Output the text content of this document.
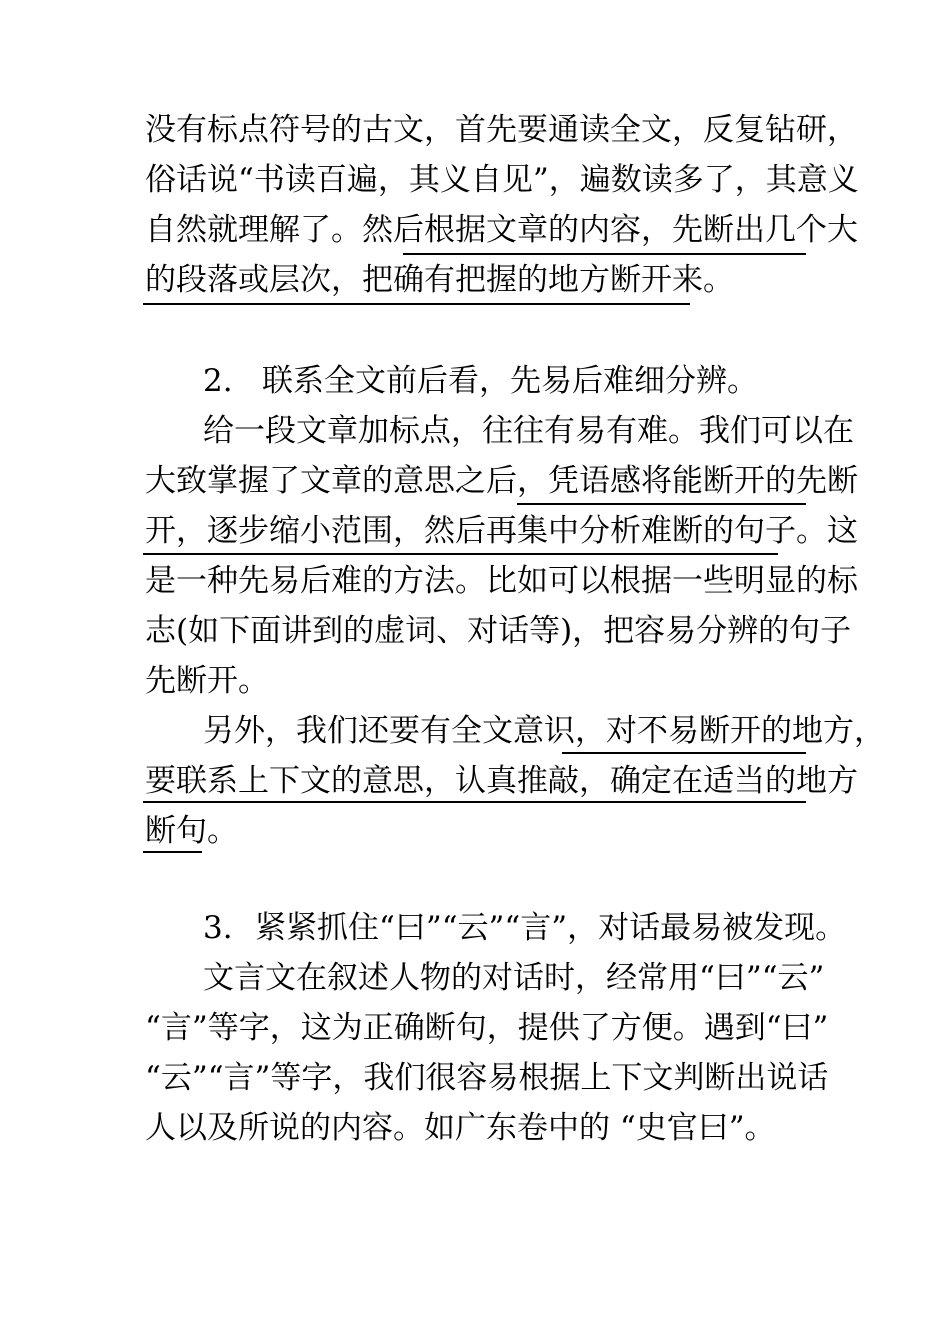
没有标点符号的古文，首先要通读全文，反复钻研，
俗话说“书读百遍，其义自见”，遍数读多了，其意义
自然就理解了。然后根据文章的内容，先断出几个大
的段落或层次，把确有把握的地方断开来。
2. 联系全文前后看，先易后难细分辨。
给一段文章加标点，往往有易有难。我们可以在
大致掌握了文章的意思之后，凭语感将能断开的先断
开，逐步缩小范围，然后再集中分析难断的句子。这
是一种先易后难的方法。比如可以根据一些明显的标
志(如下面讲到的虚词、对话等)，把容易分辨的句子
先断开。
另外，我们还要有全文意识，对不易断开的地方，
要联系上下文的意思，认真推敲，确定在适当的地方
断句。
3. 紧紧抓住“曰”“云”“言”，对话最易被发现。
文言文在叙述人物的对话时，经常用“曰”“云”
“言”等字，这为正确断句，提供了方便。遇到“曰”
“云”“言”等字，我们很容易根据上下文判断出说话
人以及所说的内容。如广东卷中的 “史官曰”。
